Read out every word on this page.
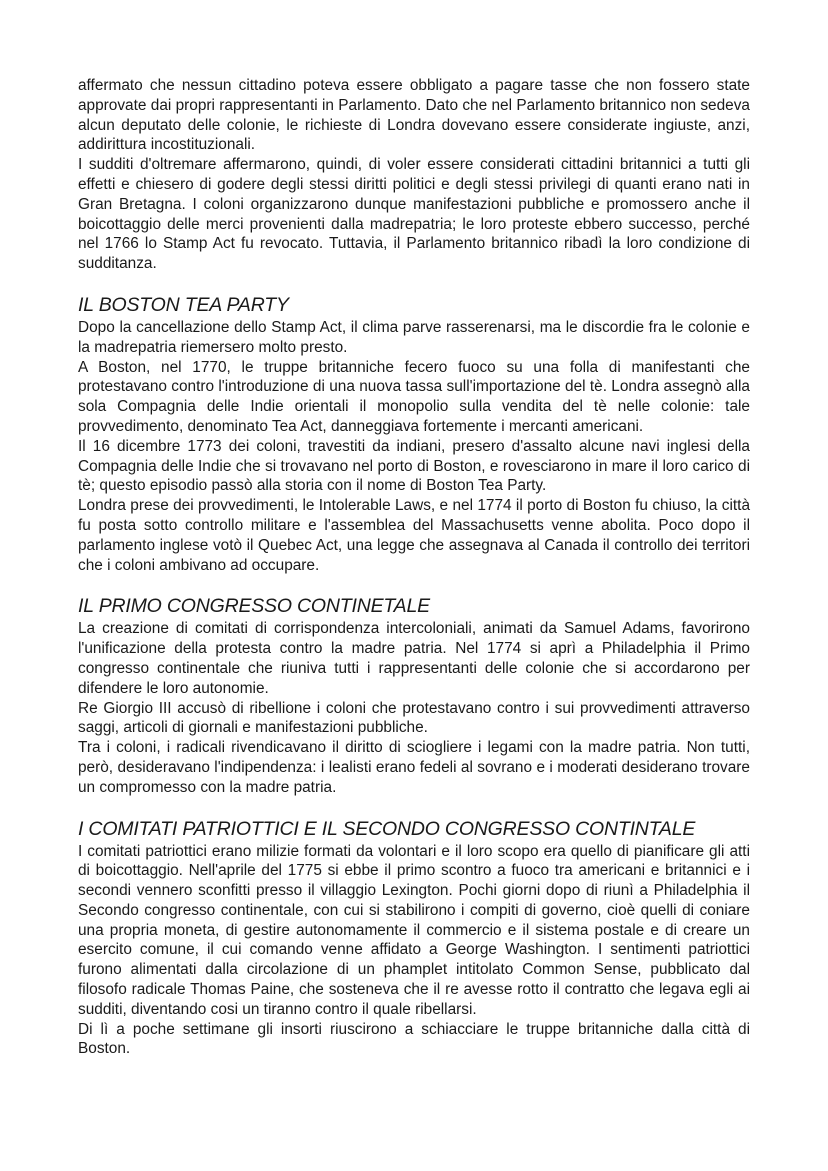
affermato che nessun cittadino poteva essere obbligato a pagare tasse che non fossero state approvate dai propri rappresentanti in Parlamento. Dato che nel Parlamento britannico non sedeva alcun deputato delle colonie, le richieste di Londra dovevano essere considerate ingiuste, anzi, addirittura incostituzionali.

I sudditi d'oltremare affermarono, quindi, di voler essere considerati cittadini britannici a tutti gli effetti e chiesero di godere degli stessi diritti politici e degli stessi privilegi di quanti erano nati in Gran Bretagna. I coloni organizzarono dunque manifestazioni pubbliche e promossero anche il boicottaggio delle merci provenienti dalla madrepatria; le loro proteste ebbero successo, perché nel 1766 lo Stamp Act fu revocato. Tuttavia, il Parlamento britannico ribadì la loro condizione di sudditanza.

IL BOSTON TEA PARTY

Dopo la cancellazione dello Stamp Act, il clima parve rasserenarsi, ma le discordie fra le colonie e la madrepatria riemersero molto presto.

A Boston, nel 1770, le truppe britanniche fecero fuoco su una folla di manifestanti che protestavano contro l'introduzione di una nuova tassa sull'importazione del tè. Londra assegnò alla sola Compagnia delle Indie orientali il monopolio sulla vendita del tè nelle colonie: tale provvedimento, denominato Tea Act, danneggiava fortemente i mercanti americani.

Il 16 dicembre 1773 dei coloni, travestiti da indiani, presero d'assalto alcune navi inglesi della Compagnia delle Indie che si trovavano nel porto di Boston, e rovesciarono in mare il loro carico di tè; questo episodio passò alla storia con il nome di Boston Tea Party.

Londra prese dei provvedimenti, le Intolerable Laws, e nel 1774 il porto di Boston fu chiuso, la città fu posta sotto controllo militare e l'assemblea del Massachusetts venne abolita. Poco dopo il parlamento inglese votò il Quebec Act, una legge che assegnava al Canada il controllo dei territori che i coloni ambivano ad occupare.

IL PRIMO CONGRESSO CONTINETALE

La creazione di comitati di corrispondenza intercoloniali, animati da Samuel Adams, favorirono l'unificazione della protesta contro la madre patria. Nel 1774 si aprì a Philadelphia il Primo congresso continentale che riuniva tutti i rappresentanti delle colonie che si accordarono per difendere le loro autonomie.

Re Giorgio III accusò di ribellione i coloni che protestavano contro i sui provvedimenti attraverso saggi, articoli di giornali e manifestazioni pubbliche.

Tra i coloni, i radicali rivendicavano il diritto di sciogliere i legami con la madre patria. Non tutti, però, desideravano l'indipendenza: i lealisti erano fedeli al sovrano e i moderati desiderano trovare un compromesso con la madre patria.

I COMITATI PATRIOTTICI E IL SECONDO CONGRESSO CONTINTALE

I comitati patriottici erano milizie formati da volontari e il loro scopo era quello di pianificare gli atti di boicottaggio. Nell'aprile del 1775 si ebbe il primo scontro a fuoco tra americani e britannici e i secondi vennero sconfitti presso il villaggio Lexington. Pochi giorni dopo di riunì a Philadelphia il Secondo congresso continentale, con cui si stabilirono i compiti di governo, cioè quelli di coniare una propria moneta, di gestire autonomamente il commercio e il sistema postale e di creare un esercito comune, il cui comando venne affidato a George Washington. I sentimenti patriottici furono alimentati dalla circolazione di un phamplet intitolato Common Sense, pubblicato dal filosofo radicale Thomas Paine, che sosteneva che il re avesse rotto il contratto che legava egli ai sudditi, diventando cosi un tiranno contro il quale ribellarsi.

Di lì a poche settimane gli insorti riuscirono a schiacciare le truppe britanniche dalla città di Boston.
